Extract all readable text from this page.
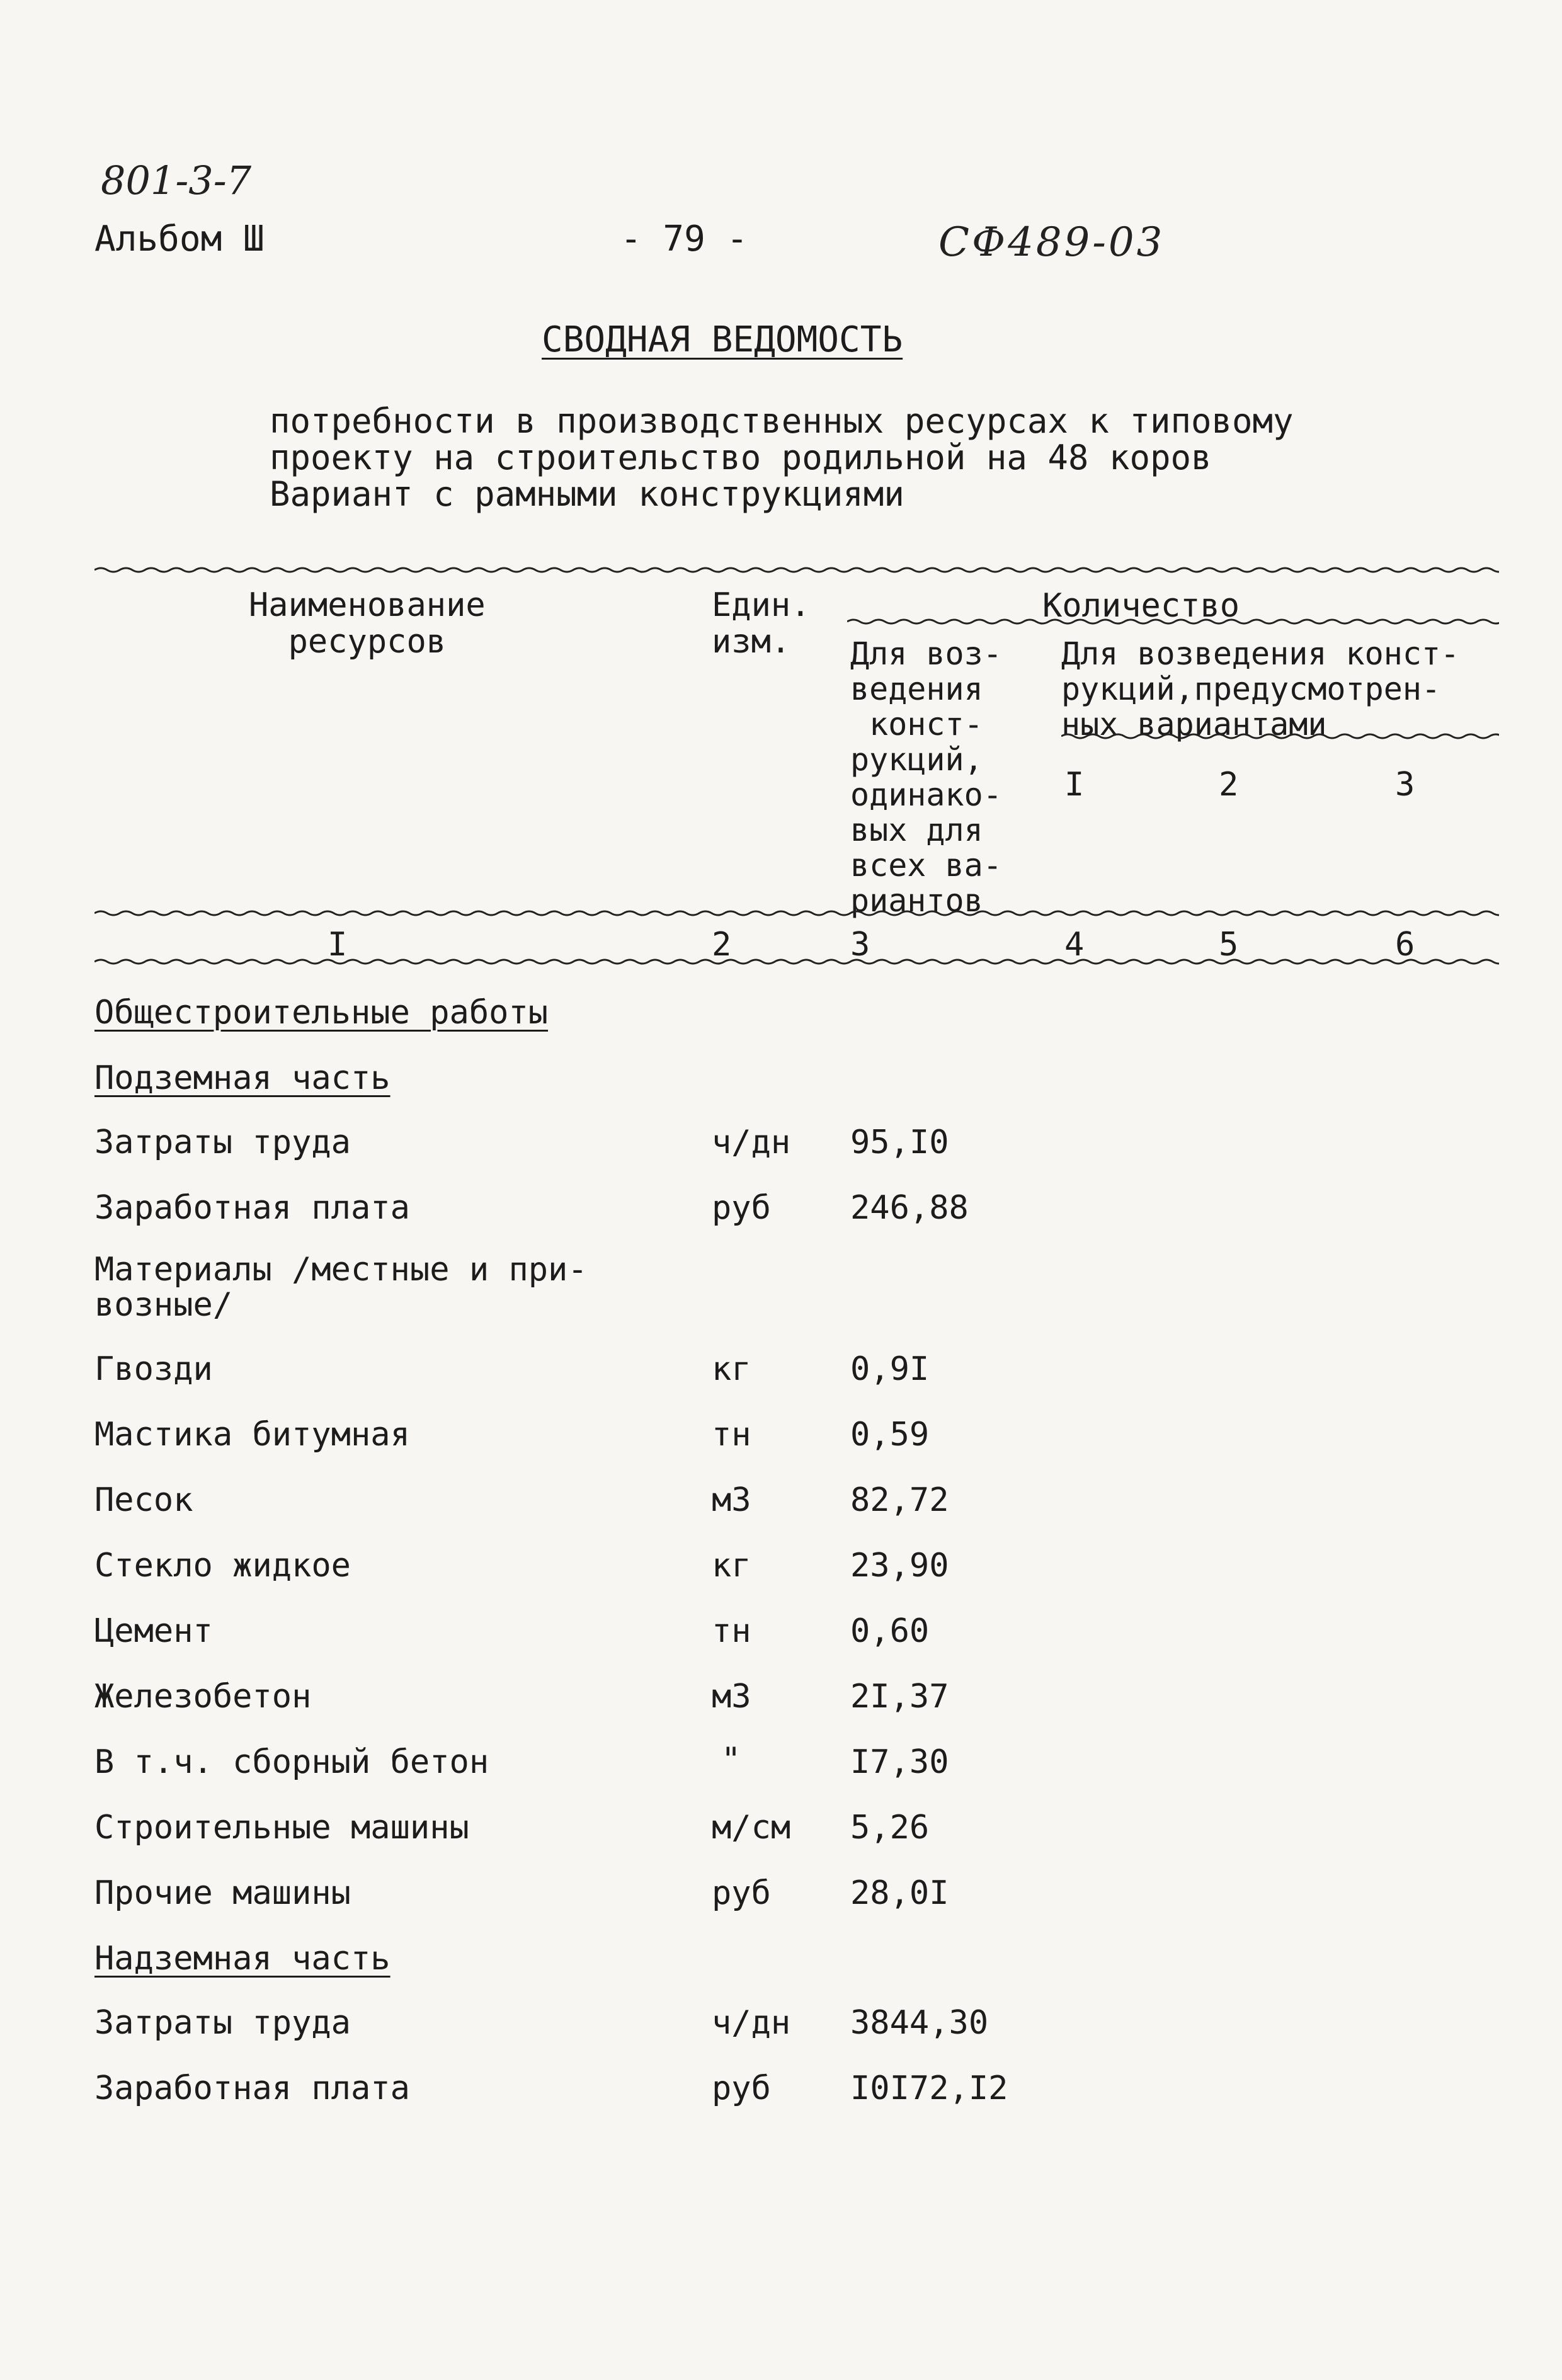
801-3-7
Альбом Ш	- 79 -	СФ489-03
СВОДНАЯ ВЕДОМОСТЬ
потребности в производственных ресурсах к типовому
проекту на строительство родильной на 48 коров
Вариант с рамными конструкциями
Наименование
ресурсов
Един.
изм.
Количество
Для воз-
ведения
конст-
рукций,
одинако-
вых для
всех ва-
риантов
Для возведения конст-
рукций,предусмотрен-
ных вариантами
I	2	3
I	2	3	4	5	6
Общестроительные работы
Подземная часть
Затраты труда	ч/дн 95,I0
Заработная плата	руб 246,88
Материалы /местные и при-
возные/
Гвозди	кг	0,9I
Мастика битумная	тн	0,59
Песок	м3	82,72
Стекло жидкое	кг	23,90
Цемент	тн	0,60
Железобетон	м3	2I,37
В т.ч. сборный бетон	"	I7,30
Строительные машины	м/см 5,26
Прочие машины	руб 28,0I
Надземная часть
Затраты труда	ч/дн 3844,30
Заработная плата	руб I0I72,I2
